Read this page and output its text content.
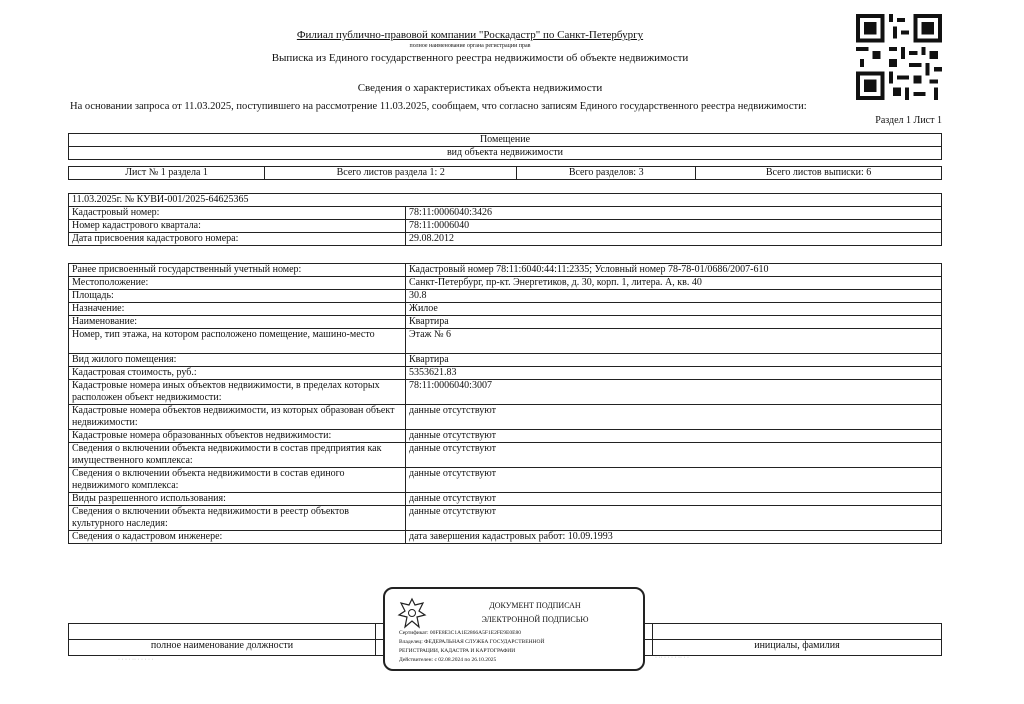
Филиал публично-правовой компании "Роскадастр" по Санкт-Петербургу
полное наименование органа регистрации прав
Выписка из Единого государственного реестра недвижимости об объекте недвижимости
Сведения о характеристиках объекта недвижимости
На основании запроса от 11.03.2025, поступившего на рассмотрение 11.03.2025, сообщаем, что согласно записям Единого государственного реестра недвижимости:
Раздел 1 Лист 1
Помещение
вид объекта недвижимости
Лист № 1 раздела 1	Всего листов раздела 1: 2	Всего разделов: 3	Всего листов выписки: 6
11.03.2025г. № КУВИ-001/2025-64625365	
Кадастровый номер:	78:11:0006040:3426
Номер кадастрового квартала:	78:11:0006040
Дата присвоения кадастрового номера:	29.08.2012
Ранее присвоенный государственный учетный номер:	Кадастровый номер 78:11:6040:44:11:2335; Условный номер 78-78-01/0686/2007-610
Местоположение:	Санкт-Петербург, пр-кт. Энергетиков, д. 30, корп. 1, литера. А, кв. 40
Площадь:	30.8
Назначение:	Жилое
Наименование:	Квартира
Номер, тип этажа, на котором расположено помещение, машино-место	Этаж № 6
Вид жилого помещения:	Квартира
Кадастровая стоимость, руб.:	5353621.83
Кадастровые номера иных объектов недвижимости, в пределах которых расположен объект недвижимости:	78:11:0006040:3007
Кадастровые номера объектов недвижимости, из которых образован объект недвижимости:	данные отсутствуют
Кадастровые номера образованных объектов недвижимости:	данные отсутствуют
Сведения о включении объекта недвижимости в состав предприятия как имущественного комплекса:	данные отсутствуют
Сведения о включении объекта недвижимости в состав единого недвижимого комплекса:	данные отсутствуют
Виды разрешенного использования:	данные отсутствуют
Сведения о включении объекта недвижимости в реестр объектов культурного наследия:	данные отсутствуют
Сведения о кадастровом инженере:	дата завершения кадастровых работ: 10.09.1993

полное наименование должности		инициалы, фамилия
· · · · ·· · · · · ·	· ·· · · · · ·· · ·
ДОКУМЕНТ ПОДПИСАН
ЭЛЕКТРОННОЙ ПОДПИСЬЮ
Сертификат: 00FE8E3C1A1E2866A5F1E2FE9E0E80
Владелец: ФЕДЕРАЛЬНАЯ СЛУЖБА ГОСУДАРСТВЕННОЙ
РЕГИСТРАЦИИ, КАДАСТРА И КАРТОГРАФИИ
Действителен: с 02.08.2024 по 26.10.2025
